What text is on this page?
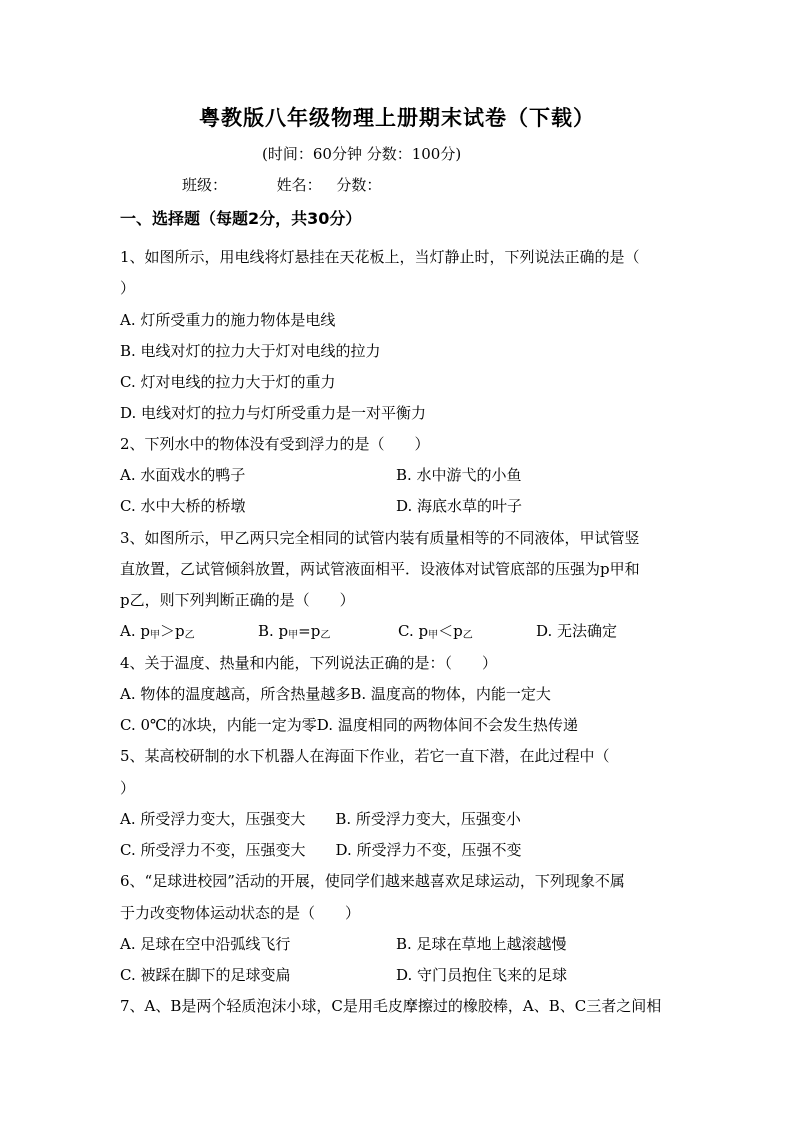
粤教版八年级物理上册期末试卷（下载）
(时间：60分钟 分数：100分)
班级：	姓名： 分数：
一、选择题（每题2分，共30分）
1、如图所示，用电线将灯悬挂在天花板上，当灯静止时，下列说法正确的是（
）
A. 灯所受重力的施力物体是电线
B. 电线对灯的拉力大于灯对电线的拉力
C. 灯对电线的拉力大于灯的重力
D. 电线对灯的拉力与灯所受重力是一对平衡力
2、下列水中的物体没有受到浮力的是（　　）
A. 水面戏水的鸭子	B. 水中游弋的小鱼
C. 水中大桥的桥墩	D. 海底水草的叶子
3、如图所示，甲乙两只完全相同的试管内装有质量相等的不同液体，甲试管竖
直放置，乙试管倾斜放置，两试管液面相平．设液体对试管底部的压强为p甲和
p乙，则下列判断正确的是（　　）
A. $p_甲>p_乙$	B. $p_甲=p_乙$	C. $p_甲<p_乙$	D. 无法确定
4、关于温度、热量和内能，下列说法正确的是：（　　）
A. 物体的温度越高，所含热量越多B. 温度高的物体，内能一定大
C. 0℃的冰块，内能一定为零D. 温度相同的两物体间不会发生热传递
5、某高校研制的水下机器人在海面下作业，若它一直下潜，在此过程中（
）
A. 所受浮力变大，压强变大　　B. 所受浮力变大，压强变小
C. 所受浮力不变，压强变大　　D. 所受浮力不变，压强不变
6、“足球进校园”活动的开展，使同学们越来越喜欢足球运动，下列现象不属
于力改变物体运动状态的是（　　）
A. 足球在空中沿弧线飞行	B. 足球在草地上越滚越慢
C. 被踩在脚下的足球变扁	D. 守门员抱住飞来的足球
7、A、B是两个轻质泡沫小球，C是用毛皮摩擦过的橡胶棒，A、B、C三者之间相
